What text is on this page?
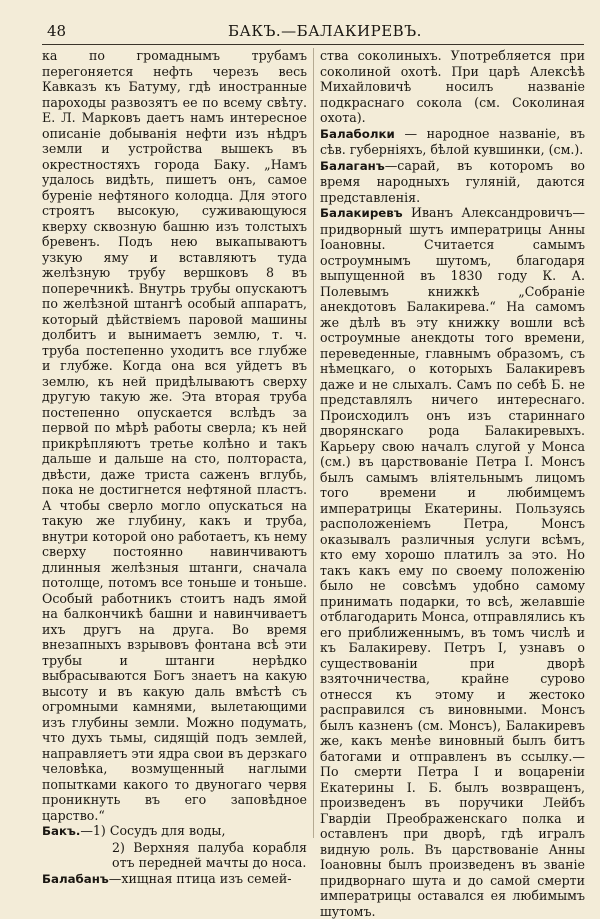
48	БАКЪ.—БАЛАКИРЕВЪ.

ка по громаднымъ трубамъ перегоняется нефть черезъ весь Кавказъ къ Батуму, гдѣ иностранные пароходы развозятъ ее по всему свѣту. Е. Л. Марковъ даетъ намъ интересное описаніе добыванія нефти изъ нѣдръ земли и устройства вышекъ въ окрестностяхъ города Баку. „Намъ удалось видѣть, пишетъ онъ, самое буреніе нефтяного колодца. Для этого строятъ высокую, суживающуюся кверху сквозную башню изъ толстыхъ бревенъ. Подъ нею выкапываютъ узкую яму и вставляютъ туда желѣзную трубу вершковъ 8 въ поперечникѣ. Внутрь трубы опускаютъ по желѣзной штангѣ особый аппаратъ, который дѣйствіемъ паровой машины долбитъ и вынимаетъ землю, т. ч. труба постепенно уходитъ все глубже и глубже. Когда она вся уйдетъ въ землю, къ ней придѣлываютъ сверху другую такую же. Эта вторая труба постепенно опускается вслѣдъ за первой по мѣрѣ работы сверла; къ ней прикрѣпляютъ третье колѣно и такъ дальше и дальше на сто, полтораста, двѣсти, даже триста саженъ вглубь, пока не достигнется нефтяной пластъ. А чтобы сверло могло опускаться на такую же глубину, какъ и труба, внутри которой оно работаетъ, къ нему сверху постоянно навинчиваютъ длинныя желѣзныя штанги, сначала потолще, потомъ все тоньше и тоньше. Особый работникъ стоитъ надъ ямой на балкончикѣ башни и навинчиваетъ ихъ другъ на друга. Во время внезапныхъ взрывовъ фонтана всѣ эти трубы и штанги нерѣдко выбрасываются Богъ знаетъ на какую высоту и въ какую даль вмѣстѣ съ огромными камнями, вылетающими изъ глубины земли. Можно подумать, что духъ тьмы, сидящій подъ землей, направляетъ эти ядра свои въ дерзкаго человѣка, возмущенный наглыми попытками какого то двуногаго червя проникнуть въ его заповѣдное царство.“

Бакъ.—1) Сосудъ для воды,
2) Верхняя палуба корабля отъ передней мачты до носа.

Балабанъ—хищная птица изъ семей-

ства соколиныхъ. Употребляется при соколиной охотѣ. При царѣ Алексѣѣ Михайловичѣ носилъ названіе подкраснаго сокола (см. Соколиная охота).

Балаболки — народное названіе, въ сѣв. губерніяхъ, бѣлой кувшинки, (см.).

Балаганъ—сарай, въ которомъ во время народныхъ гуляній, даются представленія.

Балакиревъ Иванъ Александровичъ—придворный шутъ императрицы Анны Іоановны. Считается самымъ остроумнымъ шутомъ, благодаря выпущенной въ 1830 году К. А. Полевымъ книжкѣ „Собраніе анекдотовъ Балакирева.“ На самомъ же дѣлѣ въ эту книжку вошли всѣ остроумные анекдоты того времени, переведенные, главнымъ образомъ, съ нѣмецкаго, о которыхъ Балакиревъ даже и не слыхалъ. Самъ по себѣ Б. не представлялъ ничего интереснаго. Происходилъ онъ изъ стариннаго дворянскаго рода Балакиревыхъ. Карьеру свою началъ слугой у Монса (см.) въ царствованіе Петра I. Монсъ былъ самымъ вліятельнымъ лицомъ того времени и любимцемъ императрицы Екатерины. Пользуясь расположеніемъ Петра, Монсъ оказывалъ различныя услуги всѣмъ, кто ему хорошо платилъ за это. Но такъ какъ ему по своему положенію было не совсѣмъ удобно самому принимать подарки, то всѣ, желавшіе отблагодарить Монса, отправлялись къ его приближеннымъ, въ томъ числѣ и къ Балакиреву. Петръ I, узнавъ о существованіи при дворѣ взяточничества, крайне сурово отнесся къ этому и жестоко расправился съ виновными. Монсъ былъ казненъ (см. Монсъ), Балакиревъ же, какъ менѣе виновный былъ битъ батогами и отправленъ въ ссылку.— По смерти Петра I и воцареніи Екатерины I. Б. былъ возвращенъ, произведенъ въ поручики Лейбъ Гвардіи Преображенскаго полка и оставленъ при дворѣ, гдѣ игралъ видную роль. Въ царствованіе Анны Іоановны былъ произведенъ въ званіе придворнаго шута и до самой смерти императрицы оставался ея любимымъ шутомъ.
